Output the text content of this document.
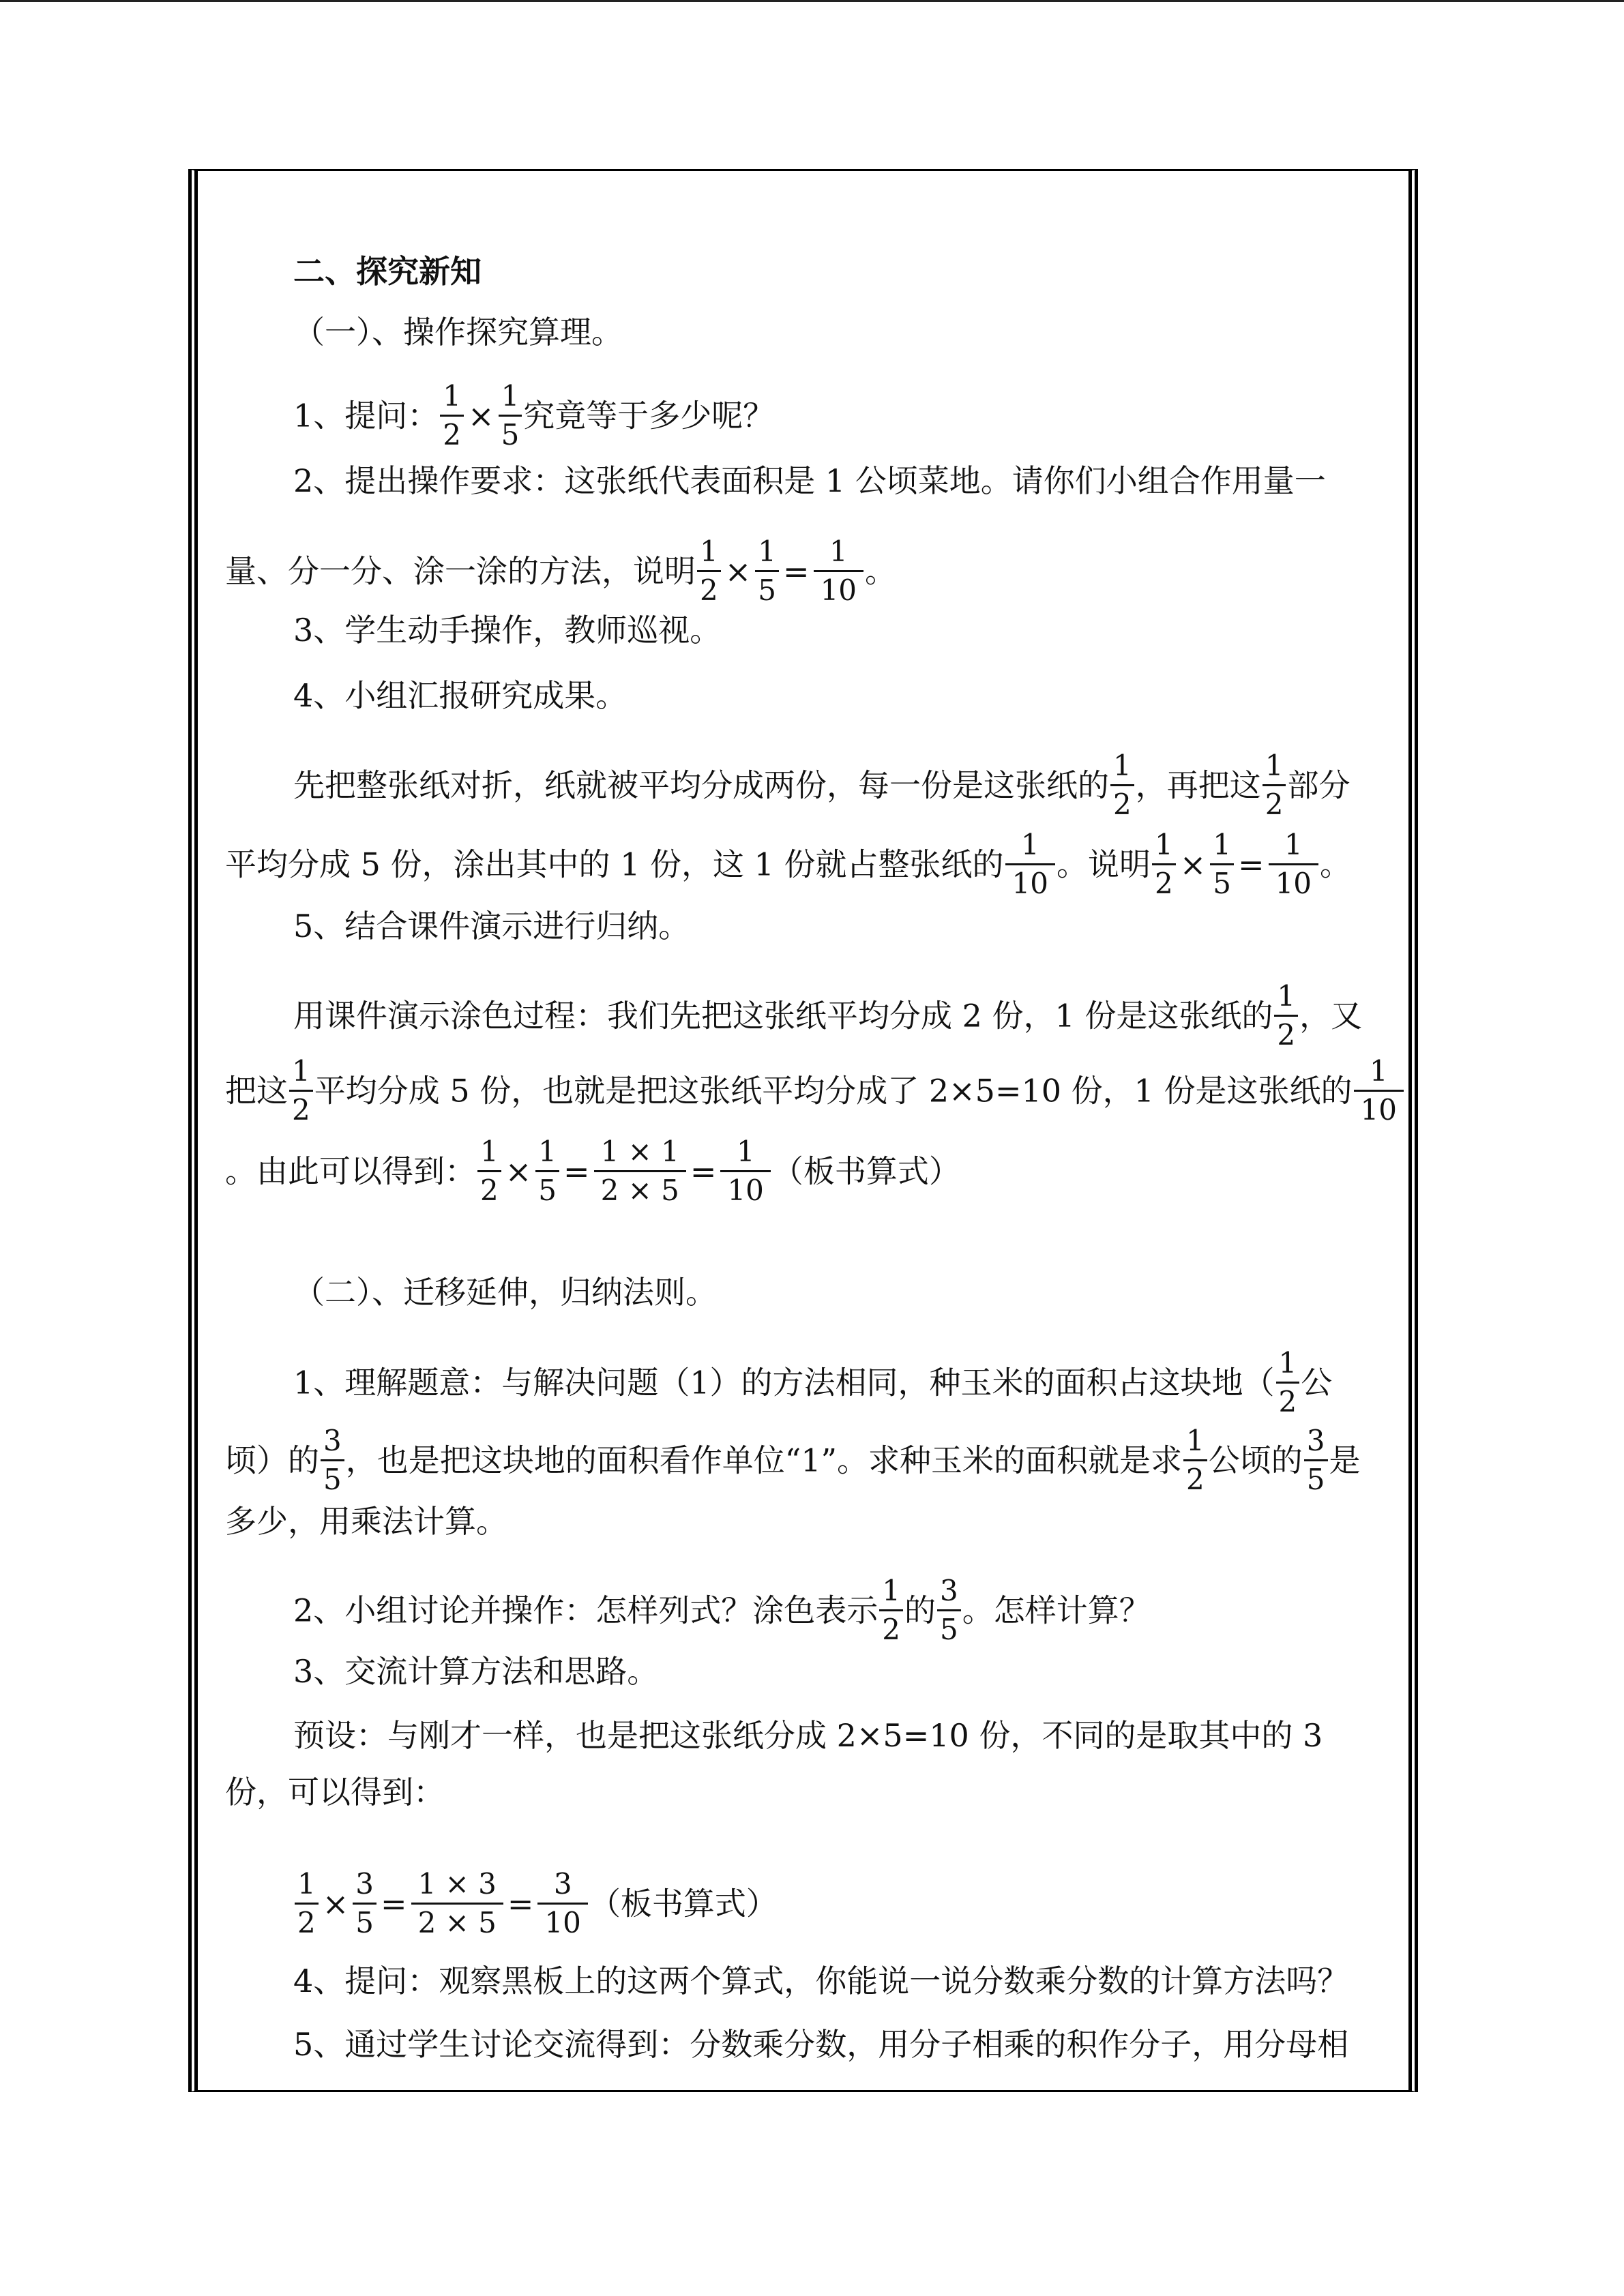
二、探究新知
（一）、操作探究算理。
1、提问： $\frac{1}{2} \times \frac{1}{5}$ 究竟等于多少呢？
2、提出操作要求：这张纸代表面积是 1 公顷菜地。请你们小组合作用量一
量、分一分、涂一涂的方法，说明 $\frac{1}{2} \times \frac{1}{5} = \frac{1}{10}$ 。
3、学生动手操作，教师巡视。
4、小组汇报研究成果。
先把整张纸对折，纸就被平均分成两份，每一份是这张纸的 $\frac{1}{2}$ ，再把这 $\frac{1}{2}$ 部分
平均分成 5 份，涂出其中的 1 份，这 1 份就占整张纸的 $\frac{1}{10}$ 。说明 $\frac{1}{2} \times \frac{1}{5} = \frac{1}{10}$ 。
5、结合课件演示进行归纳。
用课件演示涂色过程：我们先把这张纸平均分成 2 份，1 份是这张纸的 $\frac{1}{2}$ ，又
把这 $\frac{1}{2}$ 平均分成 5 份，也就是把这张纸平均分成了 2×5=10 份，1 份是这张纸的 $\frac{1}{10}$
。由此可以得到： $\frac{1}{2} \times \frac{1}{5} = \frac{1 \times 1}{2 \times 5} = \frac{1}{10}$ （板书算式）
（二）、迁移延伸，归纳法则。
1、理解题意：与解决问题（1）的方法相同，种玉米的面积占这块地（ $\frac{1}{2}$ 公
顷）的 $\frac{3}{5}$ ，也是把这块地的面积看作单位“1”。求种玉米的面积就是求 $\frac{1}{2}$ 公顷的 $\frac{3}{5}$ 是
多少，用乘法计算。
2、小组讨论并操作：怎样列式？涂色表示 $\frac{1}{2}$ 的 $\frac{3}{5}$ 。怎样计算？
3、交流计算方法和思路。
预设：与刚才一样，也是把这张纸分成 2×5=10 份，不同的是取其中的 3
份，可以得到：
$\frac{1}{2} \times \frac{3}{5} = \frac{1 \times 3}{2 \times 5} = \frac{3}{10}$ （板书算式）
4、提问：观察黑板上的这两个算式，你能说一说分数乘分数的计算方法吗？
5、通过学生讨论交流得到：分数乘分数，用分子相乘的积作分子，用分母相
